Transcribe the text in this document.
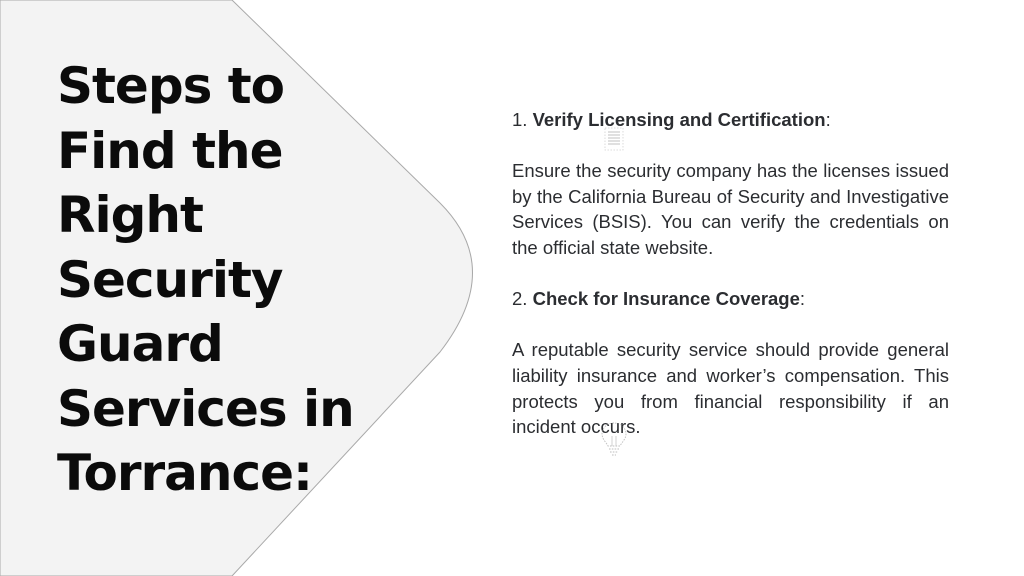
Steps to Find the Right Security Guard Services in Torrance:

1. Verify Licensing and Certification:

Ensure the security company has the licenses issued by the California Bureau of Security and Investigative Services (BSIS). You can verify the credentials on the official state website.

2. Check for Insurance Coverage:

A reputable security service should provide general liability insurance and worker’s compensation. This protects you from financial responsibility if an incident occurs.
